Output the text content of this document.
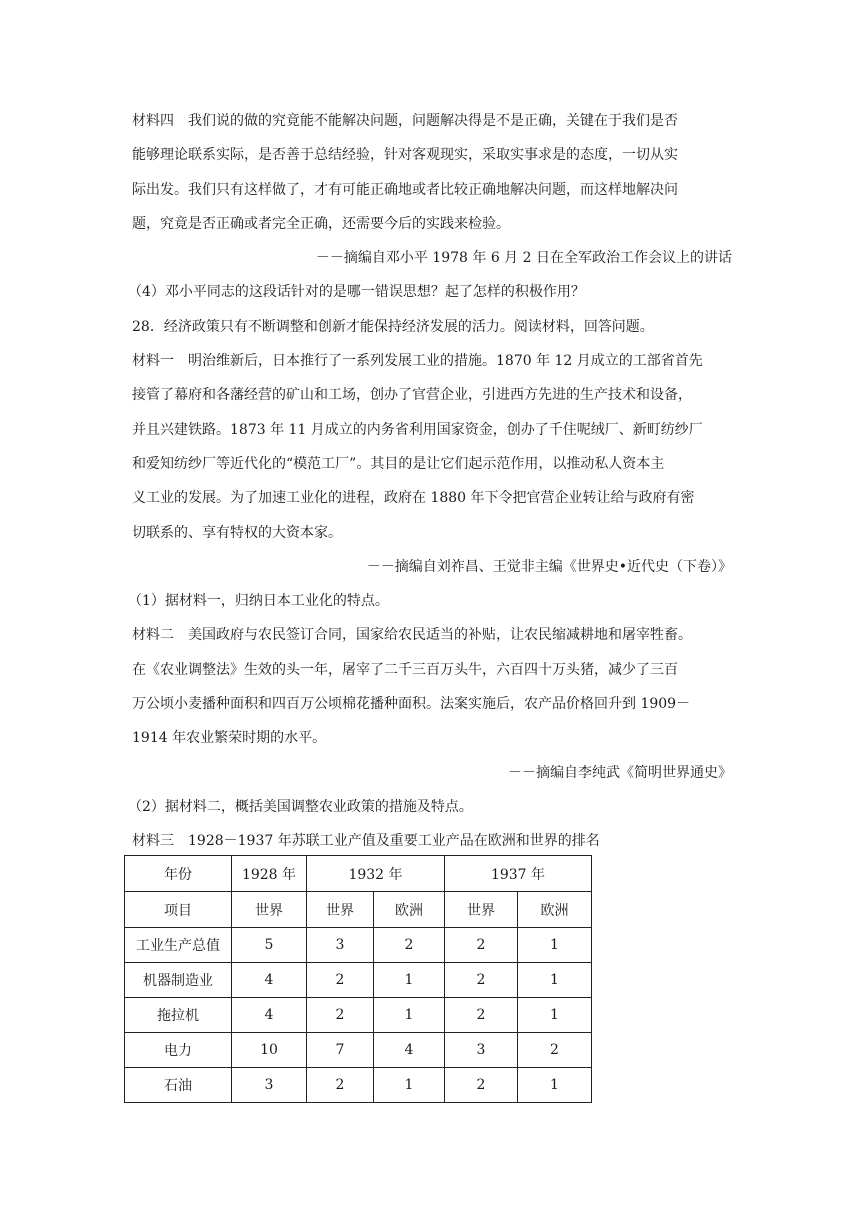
材料四　我们说的做的究竟能不能解决问题，问题解决得是不是正确，关键在于我们是否
能够理论联系实际，是否善于总结经验，针对客观现实，采取实事求是的态度，一切从实
际出发。我们只有这样做了，才有可能正确地或者比较正确地解决问题，而这样地解决问
题，究竟是否正确或者完全正确，还需要今后的实践来检验。
－－摘编自邓小平 1978 年 6 月 2 日在全军政治工作会议上的讲话
（4）邓小平同志的这段话针对的是哪一错误思想？起了怎样的积极作用？
28．经济政策只有不断调整和创新才能保持经济发展的活力。阅读材料，回答问题。
材料一　明治维新后，日本推行了一系列发展工业的措施。1870 年 12 月成立的工部省首先
接管了幕府和各藩经营的矿山和工场，创办了官营企业，引进西方先进的生产技术和设备，
并且兴建铁路。1873 年 11 月成立的内务省利用国家资金，创办了千住呢绒厂、新町纺纱厂
和爱知纺纱厂等近代化的“模范工厂”。其目的是让它们起示范作用，以推动私人资本主
义工业的发展。为了加速工业化的进程，政府在 1880 年下令把官营企业转让给与政府有密
切联系的、享有特权的大资本家。
－－摘编自刘祚昌、王觉非主编《世界史•近代史（下卷）》
（1）据材料一，归纳日本工业化的特点。
材料二　美国政府与农民签订合同，国家给农民适当的补贴，让农民缩减耕地和屠宰牲畜。
在《农业调整法》生效的头一年，屠宰了二千三百万头牛，六百四十万头猪，减少了三百
万公顷小麦播种面积和四百万公顷棉花播种面积。法案实施后，农产品价格回升到 1909－
1914 年农业繁荣时期的水平。
－－摘编自李纯武《简明世界通史》
（2）据材料二，概括美国调整农业政策的措施及特点。
材料三　1928－1937 年苏联工业产值及重要工业产品在欧洲和世界的排名
年份	1928 年	1932 年		1937 年	
项目	世界	世界	欧洲	世界	欧洲
工业生产总值	5	3	2	2	1
机器制造业	4	2	1	2	1
拖拉机	4	2	1	2	1
电力	10	7	4	3	2
石油	3	2	1	2	1
